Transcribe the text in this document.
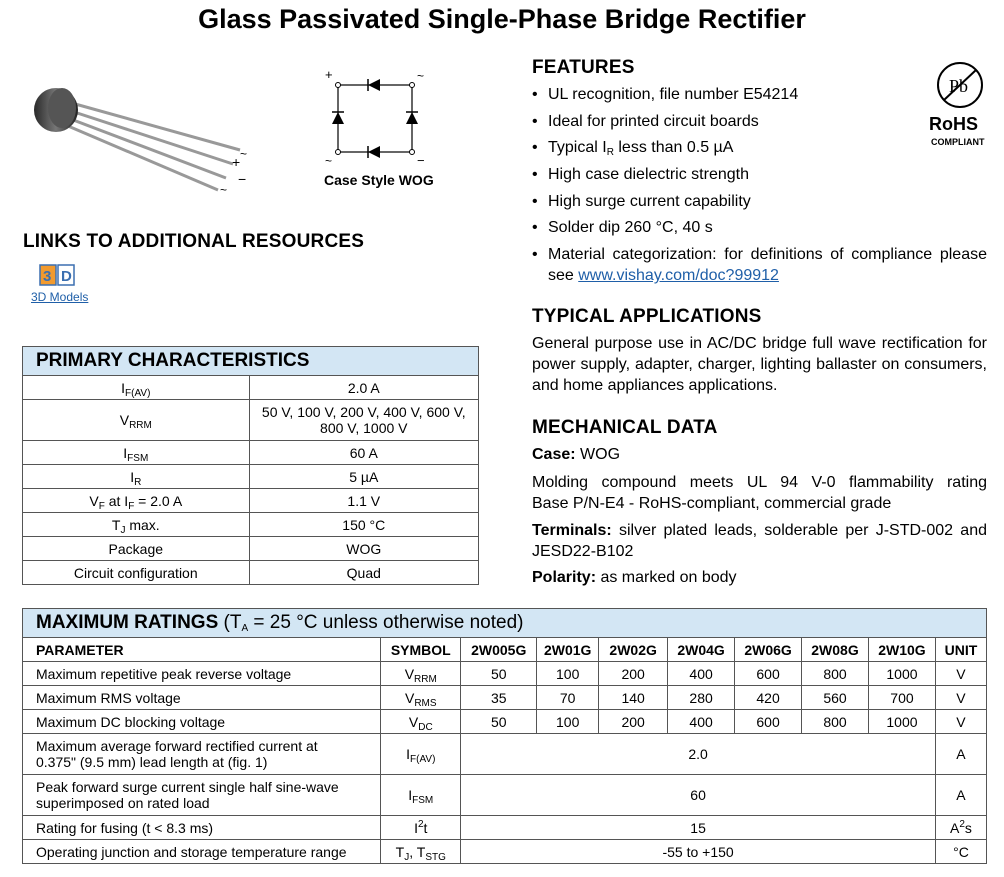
Glass Passivated Single-Phase Bridge Rectifier
~
+
−
~
+	~
~	−
Case Style WOG
LINKS TO ADDITIONAL RESOURCES
3 D
3D Models
Pb
RoHS
COMPLIANT
FEATURES
• UL recognition, file number E54214
• Ideal for printed circuit boards
• Typical $I_R$ less than 0.5 µA
• High case dielectric strength
• High surge current capability
• Solder dip 260 °C, 40 s
• Material categorization: for definitions of compliance please see www.vishay.com/doc?99912
TYPICAL APPLICATIONS
General purpose use in AC/DC bridge full wave rectification for power supply, adapter, charger, lighting ballaster on consumers, and home appliances applications.
MECHANICAL DATA
Case: WOG
Molding compound meets UL 94 V-0 flammability rating
Base P/N-E4 - RoHS-compliant, commercial grade
Terminals: silver plated leads, solderable per J-STD-002 and JESD22-B102
Polarity: as marked on body
PRIMARY CHARACTERISTICS	
$I_{F(AV)}$	2.0 A
$V_{RRM}$	50 V, 100 V, 200 V, 400 V, 600 V,
800 V, 1000 V

$I_{FSM}$	60 A
$I_R$	5 µA
$V_F$ at $I_F = 2.0$ A	1.1 V
$T_J$ max.	150 °C
Package	WOG
Circuit configuration	Quad
MAXIMUM RATINGS ($T_A = 25$ °C unless otherwise noted)									
PARAMETER	SYMBOL	2W005G	2W01G	2W02G	2W04G	2W06G	2W08G	2W10G	UNIT
Maximum repetitive peak reverse voltage	$V_{RRM}$	50	100	200	400	600	800	1000	V
Maximum RMS voltage	$V_{RMS}$	35	70	140	280	420	560	700	V
Maximum DC blocking voltage	$V_{DC}$	50	100	200	400	600	800	1000	V

Maximum average forward rectified current at
0.375" (9.5 mm) lead length at (fig. 1)	$I_{F(AV)}$	2.0							A

Peak forward surge current single half sine-wave
superimposed on rated load	$I_{FSM}$	60							A
Rating for fusing (t < 8.3 ms)	$I^2t$	15							$A^2s$
Operating junction and storage temperature range	$T_J$, $T_{STG}$	-55 to +150							°C
